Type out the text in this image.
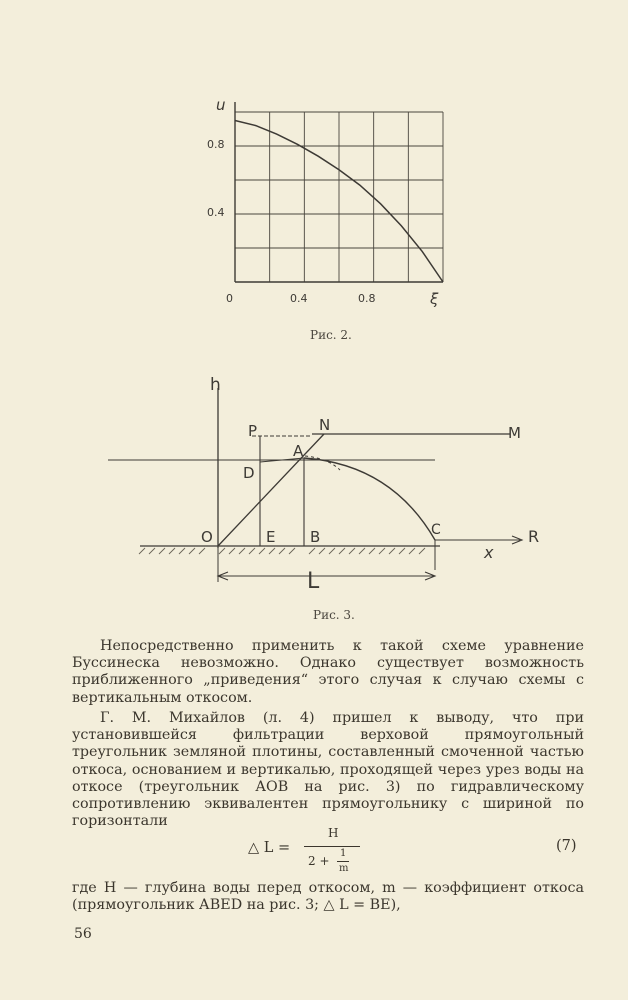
u
ξ
0.8
0.4
0	0.4	0.8
Рис. 2.
h
P	N	M
A
D
R
x
O	E B	C
L
Рис. 3.

Непосредственно применить к такой схеме уравнение Буссинеска невозможно. Однако существует возможность приближенного „приведения“ этого случая к случаю схемы с вертикальным откосом.

Г. М. Михайлов (л. 4) пришел к выводу, что при установившейся фильтрации верховой прямоугольный треугольник земляной плотины, составленный смоченной частью откоса, основанием и вертикалью, проходящей через урез воды на откосе (треугольник АОВ на рис. 3) по гидравлическому сопротивлению эквивалентен прямоугольнику с шириной по горизонтали

△ L =
H
2 +
1
m
(7)

где Н — глубина воды перед откосом, m — коэффициент откоса (прямоугольник АВЕD на рис. 3; △ L = ВЕ),

56
